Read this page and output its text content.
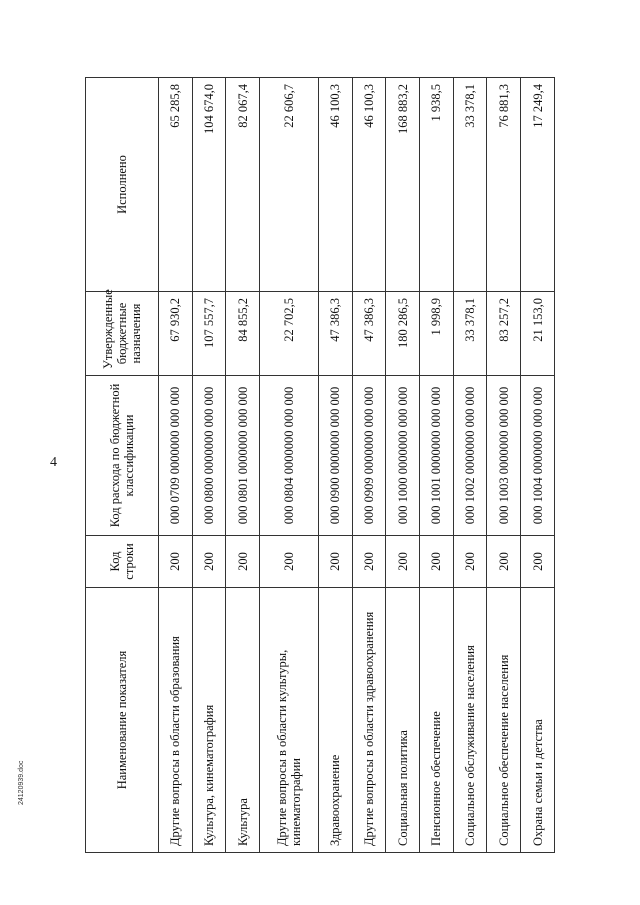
4
24120939.doc	Наименование показателя	Код строки	Код расхода по бюджетной классификации	Утвержденные бюджетные назначения	Исполнено
Другие вопросы в области образования	200	000 0709 0000000 000 000	67 930,2	65 285,8
Культура, кинематография	200	000 0800 0000000 000 000	107 557,7	104 674,0
Культура	200	000 0801 0000000 000 000	84 855,2	82 067,4
Другие вопросы в области культуры, кинематографии	200	000 0804 0000000 000 000	22 702,5	22 606,7
Здравоохранение	200	000 0900 0000000 000 000	47 386,3	46 100,3
Другие вопросы в области здравоохранения	200	000 0909 0000000 000 000	47 386,3	46 100,3
Социальная политика	200	000 1000 0000000 000 000	180 286,5	168 883,2
Пенсионное обеспечение	200	000 1001 0000000 000 000	1 998,9	1 938,5
Социальное обслуживание населения	200	000 1002 0000000 000 000	33 378,1	33 378,1
Социальное обеспечение населения	200	000 1003 0000000 000 000	83 257,2	76 881,3
Охрана семьи и детства	200	000 1004 0000000 000 000	21 153,0	17 249,4
